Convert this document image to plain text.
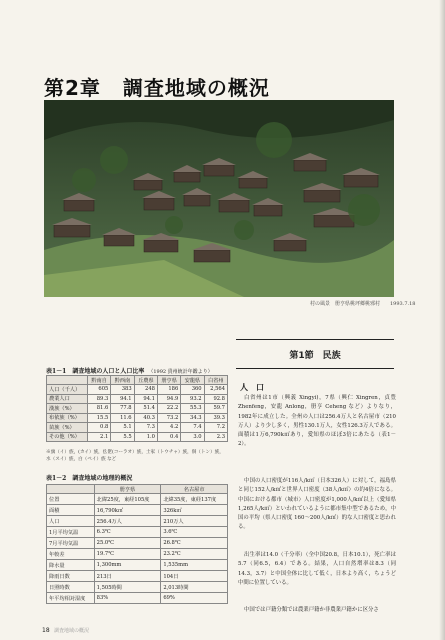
第2章 調査地域の概況
村の風景　册亨県桃坪郷桃邪村　　1993.7.18
表1－1　調査地域の人口と人口比率 （1992 貴州統計年鑑より）
	黔南自	黔西南	丘農県	册亨県	安龍県	白省州
人口（千人）	605	383	248	186	360	2,564
農業人口	89.3	94.1	94.1	94.9	93.2	92.8
漢族（%）	81.6	77.8	51.4	22.2	55.3	59.7
布依族（%）	15.5	11.6	40.3	73.2	34.3	39.3
苗族（%）	0.8	5.1	7.3	4.2	7.4	7.2
その他（%）	2.1	5.5	1.0	0.4	3.0	2.3
※旗（イ）族，(カイ）族，仫佬(コーラオ）族，土家（トウチャ）族，侗（トン）族，水（スイ）族，白（ペイ）族 など
表1－2　調査地域の地理的概況
	册亨県	名古屋市
位置	北緯25度，東経105度	北緯35度，東経137度
面積	16,790k㎡	326k㎡
人口	256.4万人	210万人
1月平均気温	6.3℃	3.6℃
7月平均気温	25.0℃	26.8℃
年較差	19.7℃	23.2℃
降水量	1,300mm	1,535mm
降雨日数	213日	104日
日照時数	1,505時間	2,013時間
年平均相対湿度	83%	69%
第1節　民族
人　口
白省州は1市（興義 Xingyi)，7県（興仁 Xingren，貞豊 Zhenfeng，安龍 Anlong，册亨 Ceheng など）よりなり，1982年に成立した。全州の人口は256.4万人と名古屋市（210万人）より少し多く，男性130.1万人，女性126.3万人である。面積は1万6,790k㎡あり，愛知県のほぼ3倍にあたる（表1－2）。
中国の人口密度が116人/k㎡（日本326人）に対して，福島県と同じ152人/k㎡と世界人口密度（38人/k㎡）の約4倍になる。中国における都市（城市）人口密度が1,000人/k㎡以上（愛知県1,265人/k㎡）といわれているように都市集中型であるため，中国の平均（県人口密度 160～200人/k㎡）的な人口密度と思われる。
出生率は14.0（千分率）（全中国20.8，日本10.1），死亡率は5.7（同6.5，6.4）である。結果，人口自然増率は8.3（同14.3，3.7）と中国全体に比して低く，日本より高く，ちょうど中間に位置している。
中国では戸籍分類では農業戸籍か非農業戸籍かに区分さ
18 調査地域の概況
